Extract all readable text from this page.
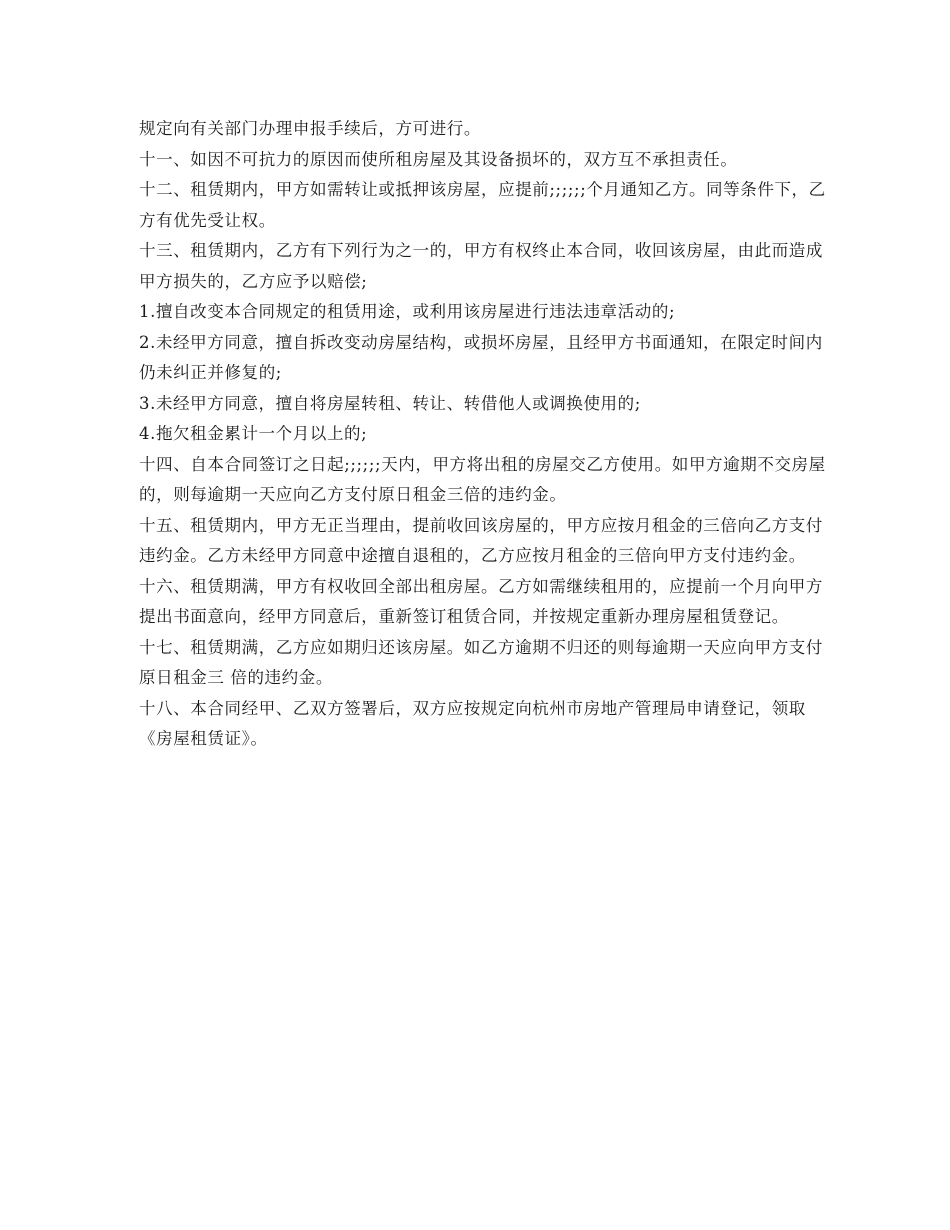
规定向有关部门办理申报手续后，方可进行。

十一、如因不可抗力的原因而使所租房屋及其设备损坏的，双方互不承担责任。

十二、租赁期内，甲方如需转让或抵押该房屋，应提前;;;;;;个月通知乙方。同等条件下，乙方有优先受让权。

十三、租赁期内，乙方有下列行为之一的，甲方有权终止本合同，收回该房屋，由此而造成甲方损失的，乙方应予以赔偿;

1.擅自改变本合同规定的租赁用途，或利用该房屋进行违法违章活动的;

2.未经甲方同意，擅自拆改变动房屋结构，或损坏房屋，且经甲方书面通知，在限定时间内仍未纠正并修复的;

3.未经甲方同意，擅自将房屋转租、转让、转借他人或调换使用的;

4.拖欠租金累计一个月以上的;

十四、自本合同签订之日起;;;;;;天内，甲方将出租的房屋交乙方使用。如甲方逾期不交房屋的，则每逾期一天应向乙方支付原日租金三倍的违约金。

十五、租赁期内，甲方无正当理由，提前收回该房屋的，甲方应按月租金的三倍向乙方支付违约金。乙方未经甲方同意中途擅自退租的，乙方应按月租金的三倍向甲方支付违约金。

十六、租赁期满，甲方有权收回全部出租房屋。乙方如需继续租用的，应提前一个月向甲方提出书面意向，经甲方同意后，重新签订租赁合同，并按规定重新办理房屋租赁登记。

十七、租赁期满，乙方应如期归还该房屋。如乙方逾期不归还的则每逾期一天应向甲方支付原日租金三 倍的违约金。

十八、本合同经甲、乙双方签署后，双方应按规定向杭州市房地产管理局申请登记，领取《房屋租赁证》。
